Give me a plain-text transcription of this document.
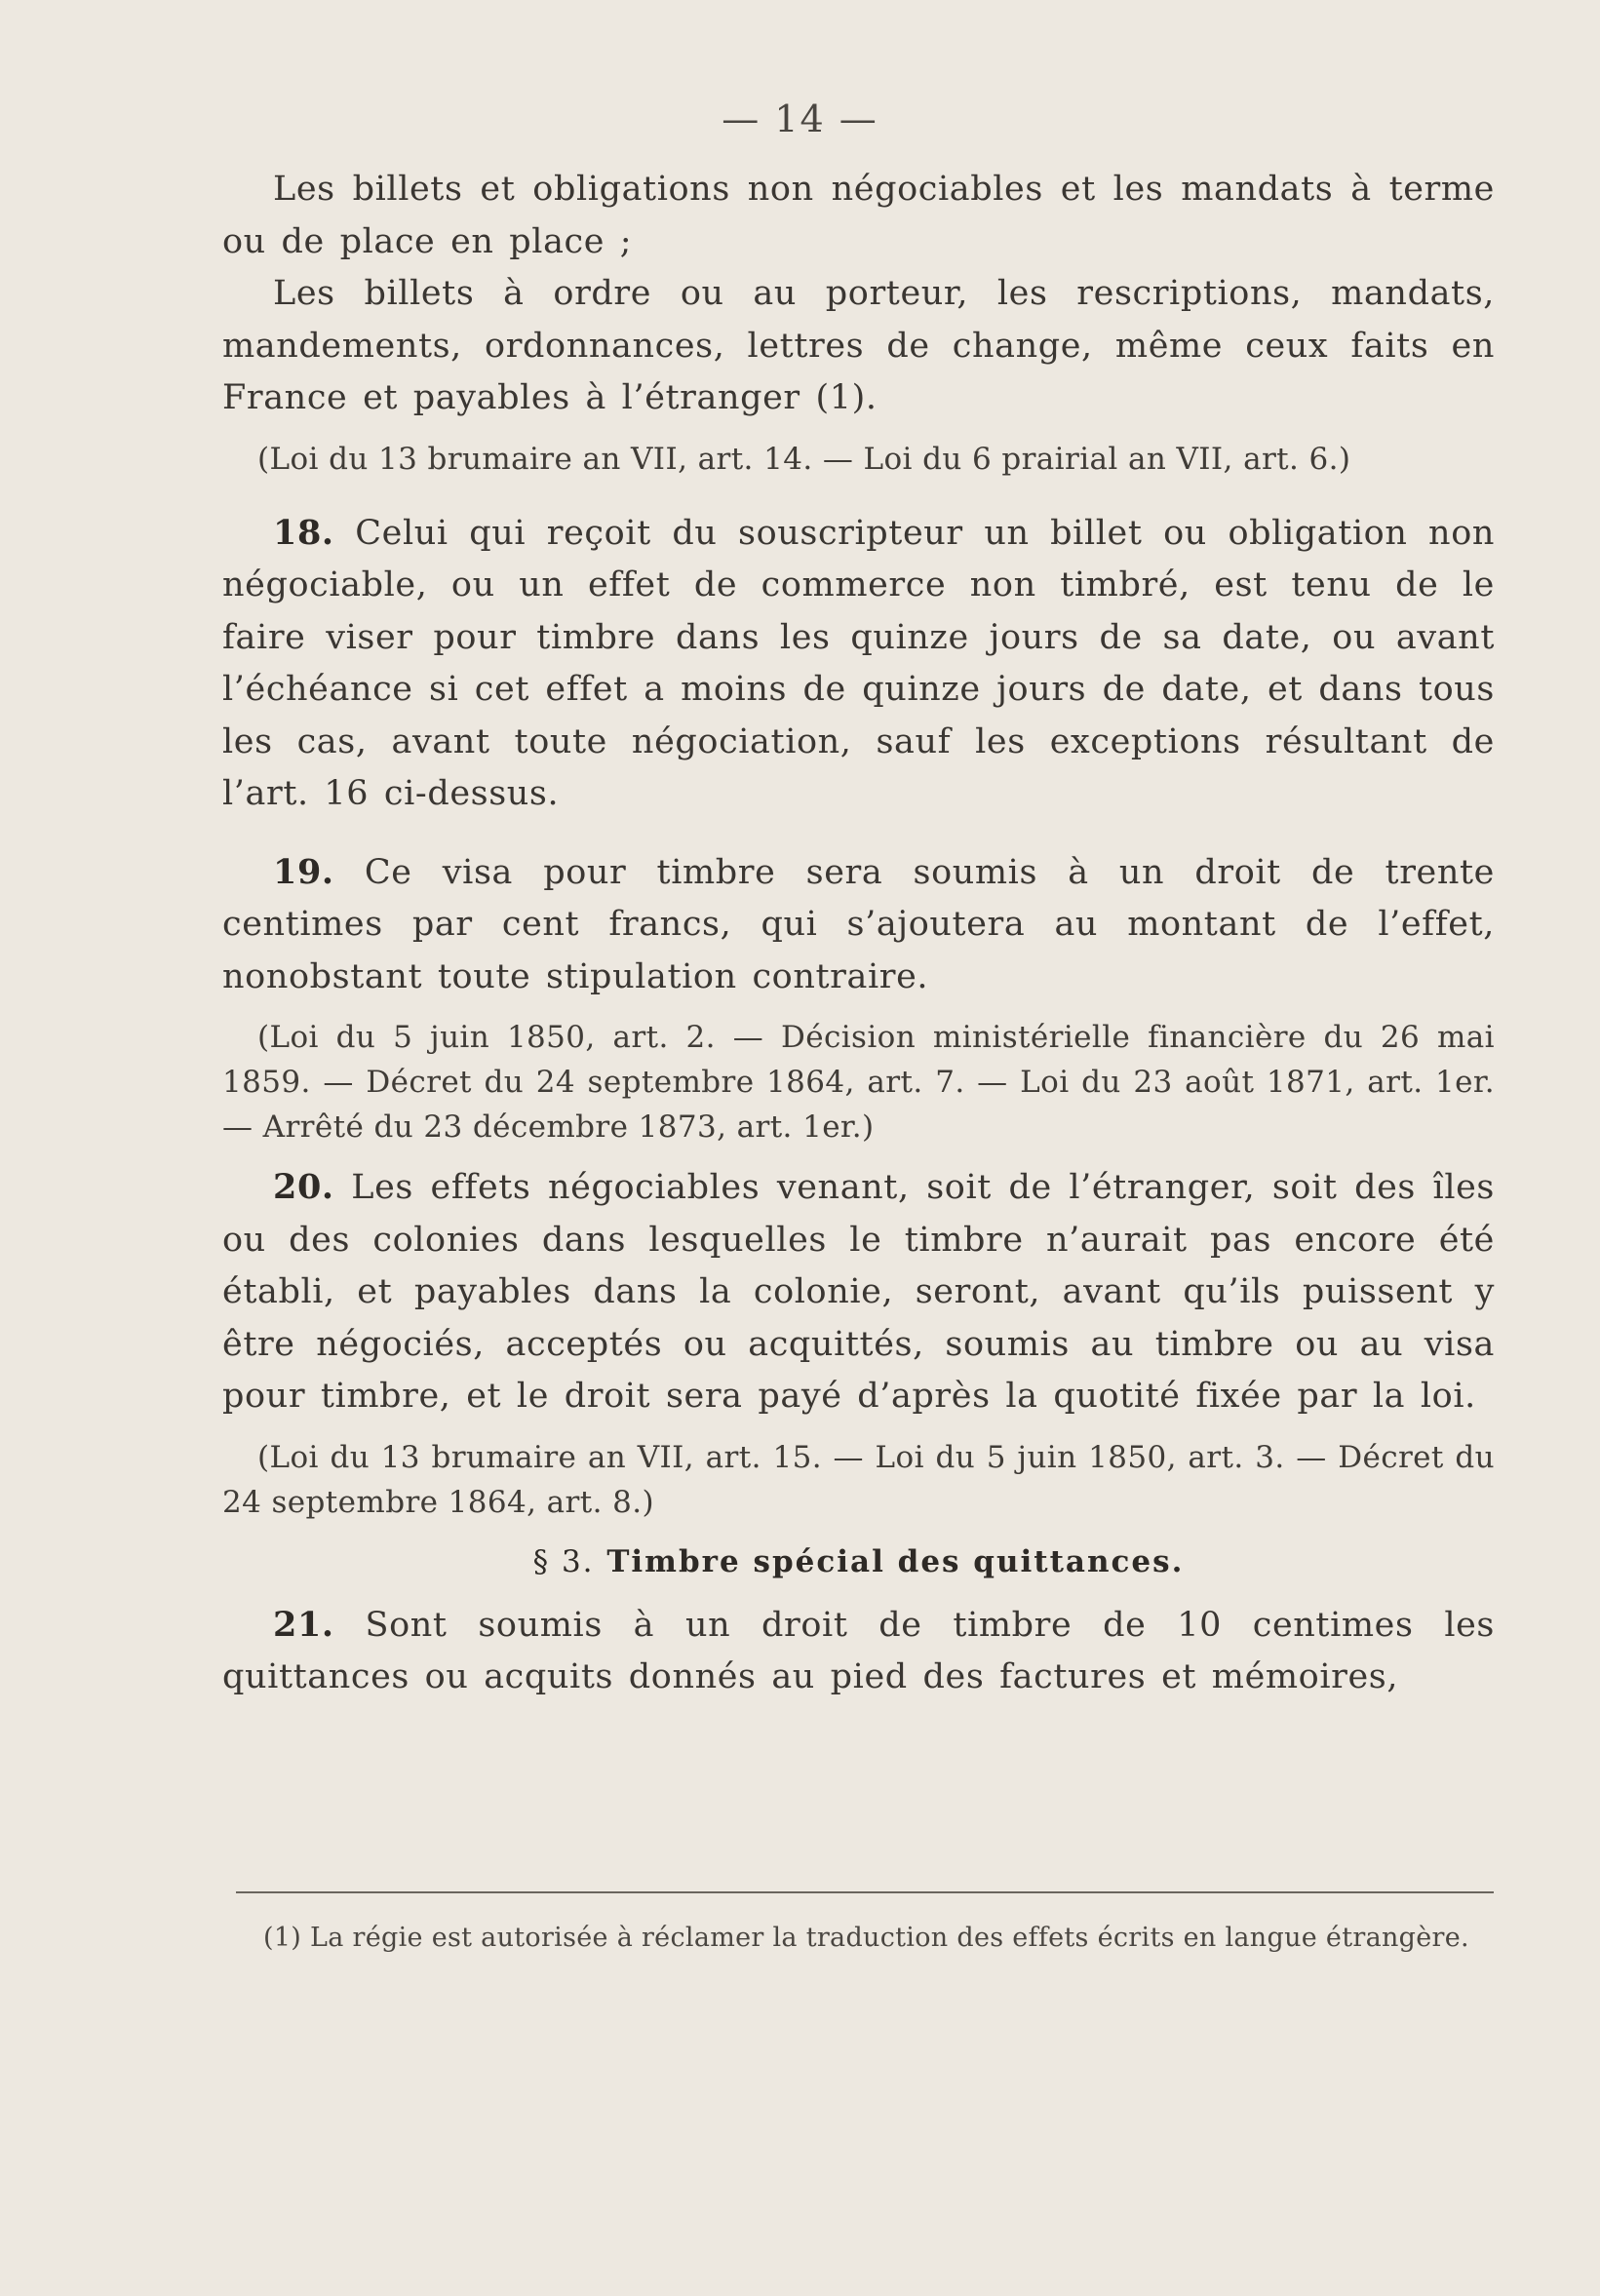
— 14 —

Les billets et obligations non négociables et les mandats à terme ou de place en place ;

Les billets à ordre ou au porteur, les rescriptions, mandats, mandements, ordonnances, lettres de change, même ceux faits en France et payables à l’étranger (1).

(Loi du 13 brumaire an VII, art. 14. — Loi du 6 prairial an VII, art. 6.)

18. Celui qui reçoit du souscripteur un billet ou obligation non négociable, ou un effet de commerce non timbré, est tenu de le faire viser pour timbre dans les quinze jours de sa date, ou avant l’échéance si cet effet a moins de quinze jours de date, et dans tous les cas, avant toute négociation, sauf les exceptions résultant de l’art. 16 ci-dessus.

19. Ce visa pour timbre sera soumis à un droit de trente centimes par cent francs, qui s’ajoutera au montant de l’effet, nonobstant toute stipulation contraire.

(Loi du 5 juin 1850, art. 2. — Décision ministérielle financière du 26 mai 1859. — Décret du 24 septembre 1864, art. 7. — Loi du 23 août 1871, art. 1er. — Arrêté du 23 décembre 1873, art. 1er.)

20. Les effets négociables venant, soit de l’étranger, soit des îles ou des colonies dans lesquelles le timbre n’aurait pas encore été établi, et payables dans la colonie, seront, avant qu’ils puissent y être négociés, acceptés ou acquittés, soumis au timbre ou au visa pour timbre, et le droit sera payé d’après la quotité fixée par la loi.

(Loi du 13 brumaire an VII, art. 15. — Loi du 5 juin 1850, art. 3. — Décret du 24 septembre 1864, art. 8.)

§ 3. Timbre spécial des quittances.

21. Sont soumis à un droit de timbre de 10 centimes les quittances ou acquits donnés au pied des factures et mémoires,

(1) La régie est autorisée à réclamer la traduction des effets écrits en langue étrangère.
